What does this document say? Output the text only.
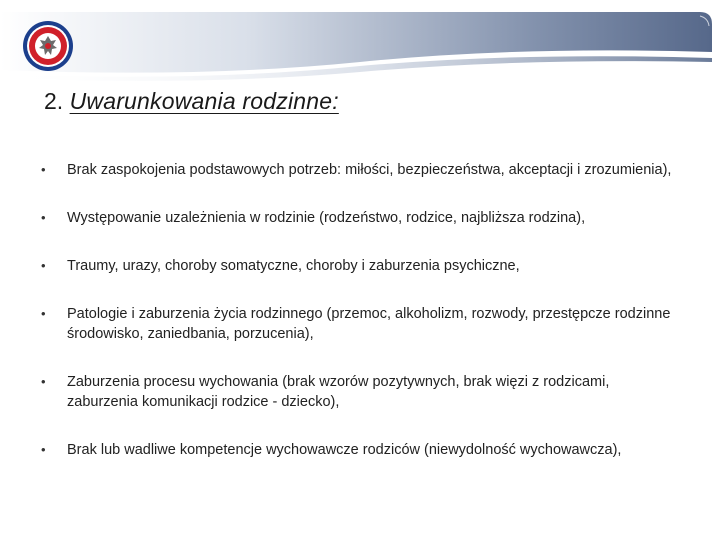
2. Uwarunkowania rodzinne:
• Brak zaspokojenia podstawowych potrzeb: miłości, bezpieczeństwa, akceptacji i zrozumienia),
• Występowanie uzależnienia w rodzinie (rodzeństwo, rodzice, najbliższa rodzina),
• Traumy, urazy, choroby somatyczne, choroby i zaburzenia psychiczne,
• Patologie i zaburzenia życia rodzinnego (przemoc, alkoholizm, rozwody, przestępcze rodzinne środowisko, zaniedbania, porzucenia),
• Zaburzenia procesu wychowania (brak wzorów pozytywnych, brak więzi z rodzicami, zaburzenia komunikacji rodzice - dziecko),
• Brak lub wadliwe kompetencje wychowawcze rodziców (niewydolność wychowawcza),
